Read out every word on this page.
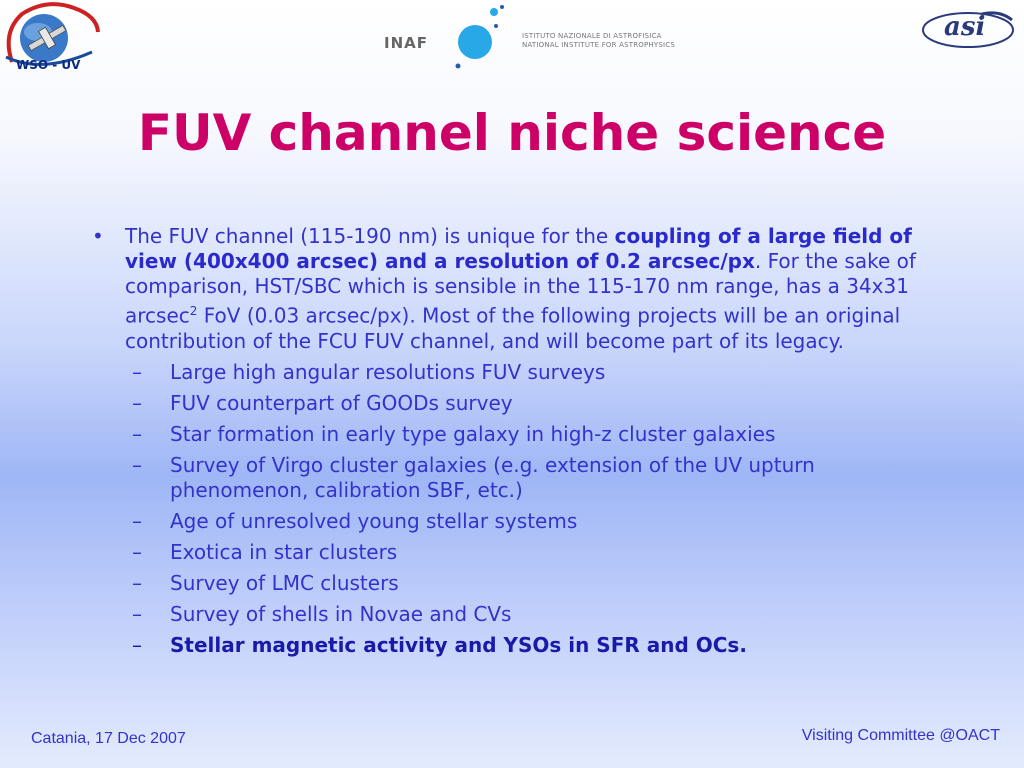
WSO - UV
INAF	ISTITUTO NAZIONALE DI ASTROFISICA
NATIONAL INSTITUTE FOR ASTROPHYSICS
asi
FUV channel niche science
• The FUV channel (115-190 nm) is unique for the coupling of a large field of view (400x400 arcsec) and a resolution of 0.2 arcsec/px. For the sake of comparison, HST/SBC which is sensible in the 115-170 nm range, has a 34x31 arcsec$^2$ FoV (0.03 arcsec/px). Most of the following projects will be an original contribution of the FCU FUV channel, and will become part of its legacy.
– Large high angular resolutions FUV surveys
– FUV counterpart of GOODs survey
– Star formation in early type galaxy in high-z cluster galaxies
– Survey of Virgo cluster galaxies (e.g. extension of the UV upturn phenomenon, calibration SBF, etc.)
– Age of unresolved young stellar systems
– Exotica in star clusters
– Survey of LMC clusters
– Survey of shells in Novae and CVs
– Stellar magnetic activity and YSOs in SFR and OCs.
Catania, 17 Dec 2007	Visiting Committee @OACT
